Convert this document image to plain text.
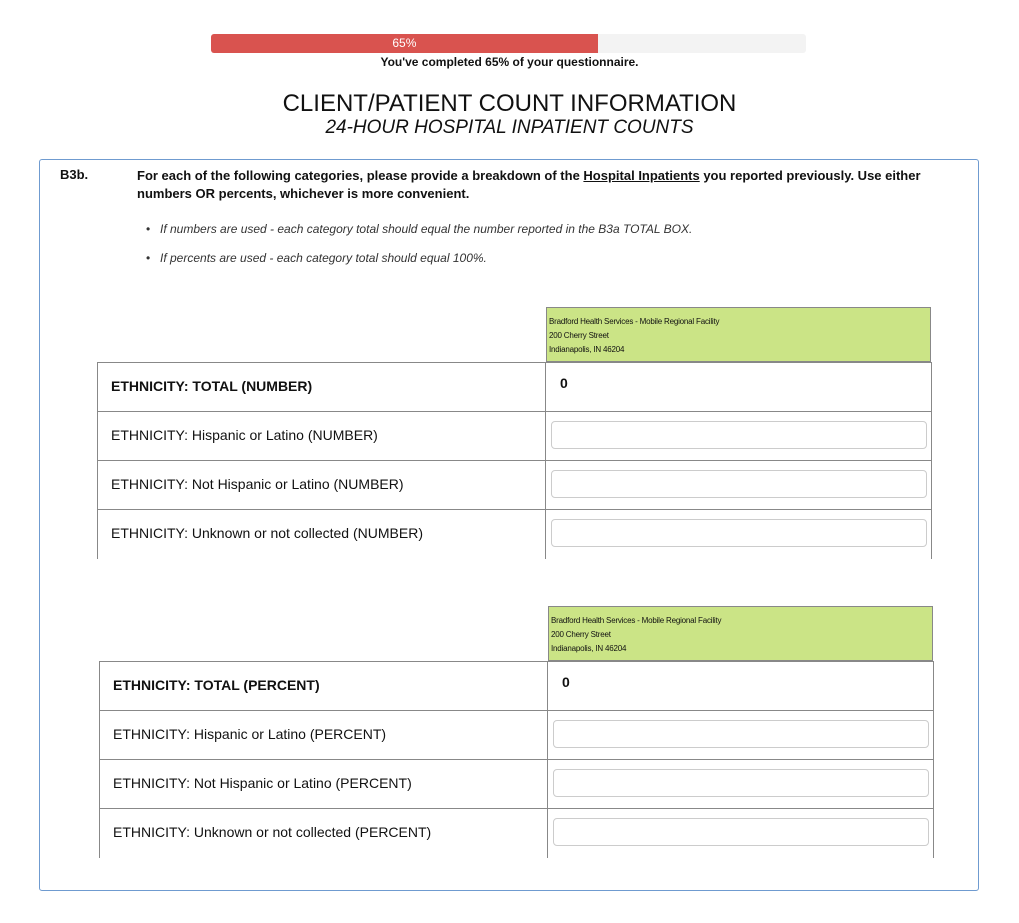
65%
You've completed 65% of your questionnaire.
CLIENT/PATIENT COUNT INFORMATION
24-HOUR HOSPITAL INPATIENT COUNTS
B3b.	For each of the following categories, please provide a breakdown of the Hospital Inpatients you reported previously. Use either numbers OR percents, whichever is more convenient.
• If numbers are used - each category total should equal the number reported in the B3a TOTAL BOX.
• If percents are used - each category total should equal 100%.
Bradford Health Services - Mobile Regional Facility
200 Cherry Street
Indianapolis, IN 46204
ETHNICITY: TOTAL (NUMBER)	0
ETHNICITY: Hispanic or Latino (NUMBER)
ETHNICITY: Not Hispanic or Latino (NUMBER)
ETHNICITY: Unknown or not collected (NUMBER)
Bradford Health Services - Mobile Regional Facility
200 Cherry Street
Indianapolis, IN 46204
ETHNICITY: TOTAL (PERCENT)	0
ETHNICITY: Hispanic or Latino (PERCENT)
ETHNICITY: Not Hispanic or Latino (PERCENT)
ETHNICITY: Unknown or not collected (PERCENT)
